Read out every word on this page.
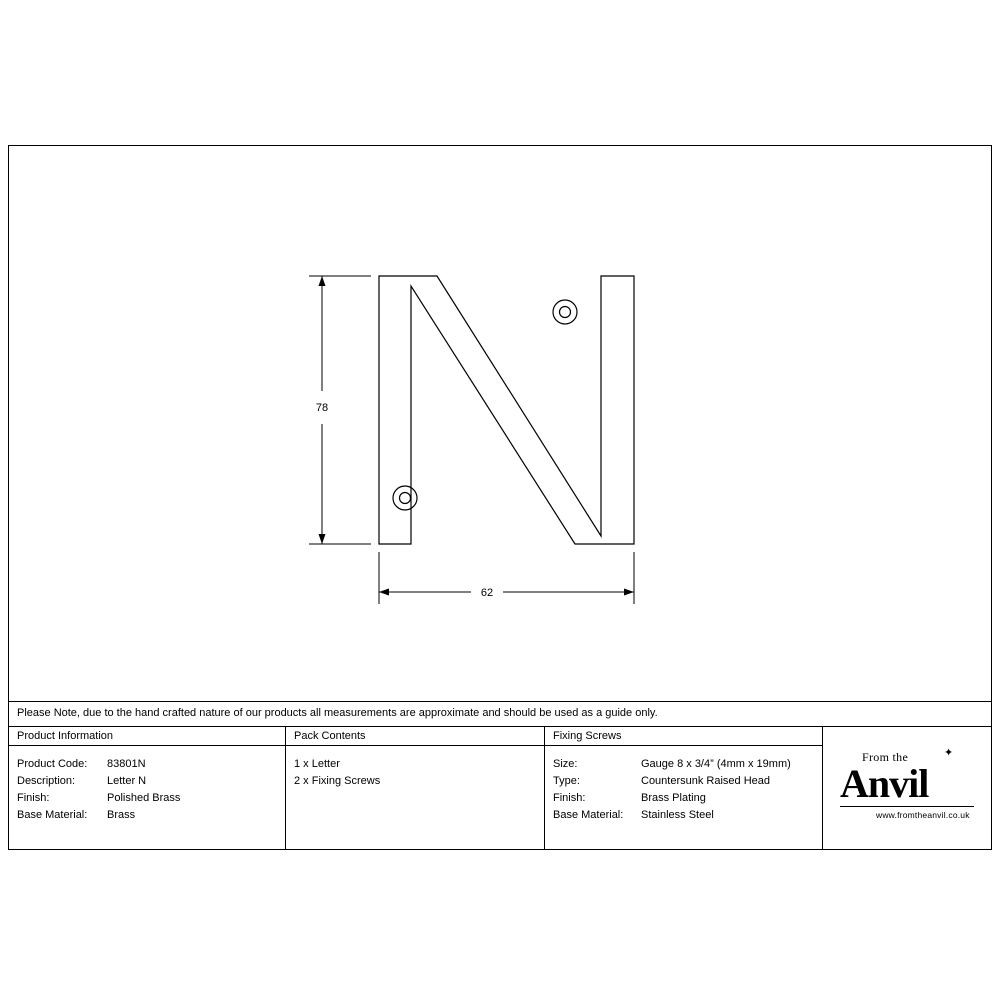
78
62
Please Note, due to the hand crafted nature of our products all measurements are approximate and should be used as a guide only.
Product Information
Product Code:	83801N
Description:	Letter N
Finish:	Polished Brass
Base Material:	Brass
Pack Contents
1 x Letter
2 x Fixing Screws
Fixing Screws
Size:	Gauge 8 x 3/4” (4mm x 19mm)
Type:	Countersunk Raised Head
Finish:	Brass Plating
Base Material:	Stainless Steel
From the	✦
Anvil
www.fromtheanvil.co.uk
